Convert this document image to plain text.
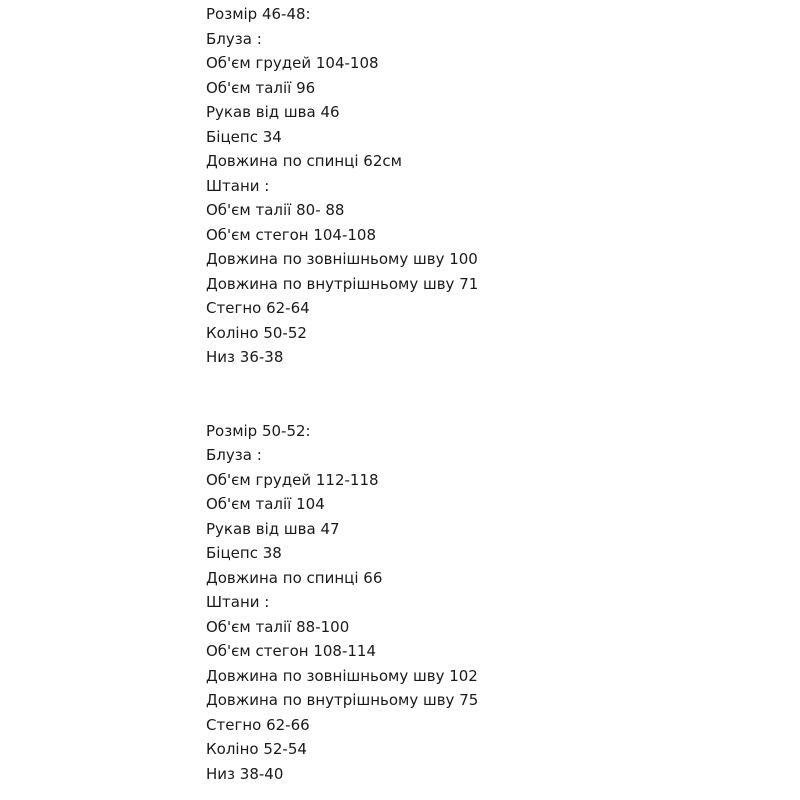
Розмір 46-48:
Блуза :
Об'єм грудей 104-108
Об'єм талії 96
Рукав від шва 46
Біцепс 34
Довжина по спинці 62см
Штани :
Об'єм талії 80- 88
Об'єм стегон 104-108
Довжина по зовнішньому шву 100
Довжина по внутрішньому шву 71
Стегно 62-64
Коліно 50-52
Низ 36-38
Розмір 50-52:
Блуза :
Об'єм грудей 112-118
Об'єм талії 104
Рукав від шва 47
Біцепс 38
Довжина по спинці 66
Штани :
Об'єм талії 88-100
Об'єм стегон 108-114
Довжина по зовнішньому шву 102
Довжина по внутрішньому шву 75
Стегно 62-66
Коліно 52-54
Низ 38-40
